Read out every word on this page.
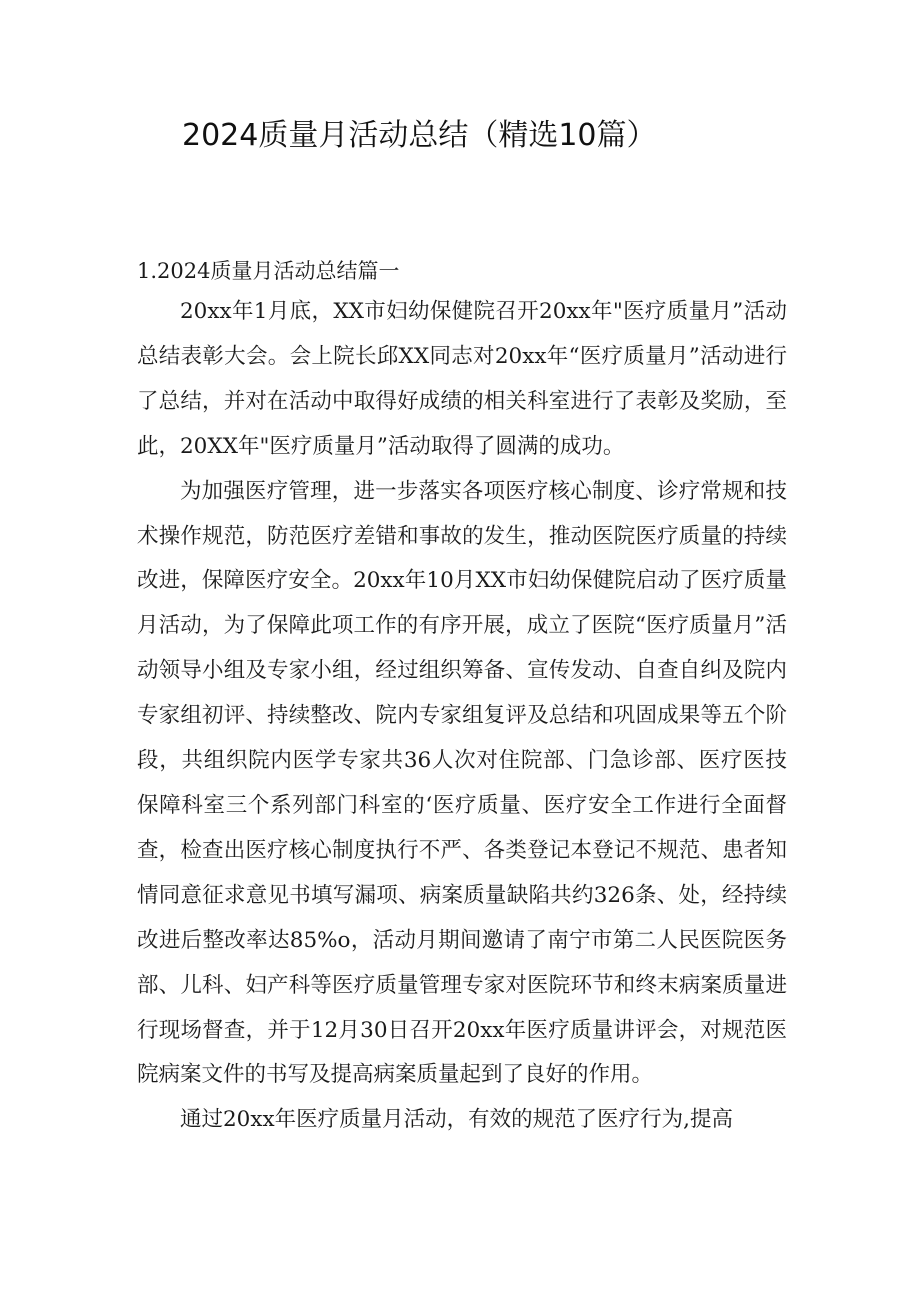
2024质量月活动总结（精选10篇）
1.2024质量月活动总结篇一

20xx年1月底，XX市妇幼保健院召开20xx年"医疗质量月”活动总结表彰大会。会上院长邱XX同志对20xx年“医疗质量月”活动进行了总结，并对在活动中取得好成绩的相关科室进行了表彰及奖励，至此，20XX年"医疗质量月”活动取得了圆满的成功。

为加强医疗管理，进一步落实各项医疗核心制度、诊疗常规和技术操作规范，防范医疗差错和事故的发生，推动医院医疗质量的持续改进，保障医疗安全。20xx年10月XX市妇幼保健院启动了医疗质量月活动，为了保障此项工作的有序开展，成立了医院“医疗质量月”活动领导小组及专家小组，经过组织筹备、宣传发动、自查自纠及院内专家组初评、持续整改、院内专家组复评及总结和巩固成果等五个阶段，共组织院内医学专家共36人次对住院部、门急诊部、医疗医技保障科室三个系列部门科室的‘医疗质量、医疗安全工作进行全面督查，检查出医疗核心制度执行不严、各类登记本登记不规范、患者知情同意征求意见书填写漏项、病案质量缺陷共约326条、处，经持续改进后整改率达85%o，活动月期间邀请了南宁市第二人民医院医务部、儿科、妇产科等医疗质量管理专家对医院环节和终末病案质量进行现场督查，并于12月30日召开20xx年医疗质量讲评会，对规范医院病案文件的书写及提高病案质量起到了良好的作用。

通过20xx年医疗质量月活动，有效的规范了医疗行为,提高
